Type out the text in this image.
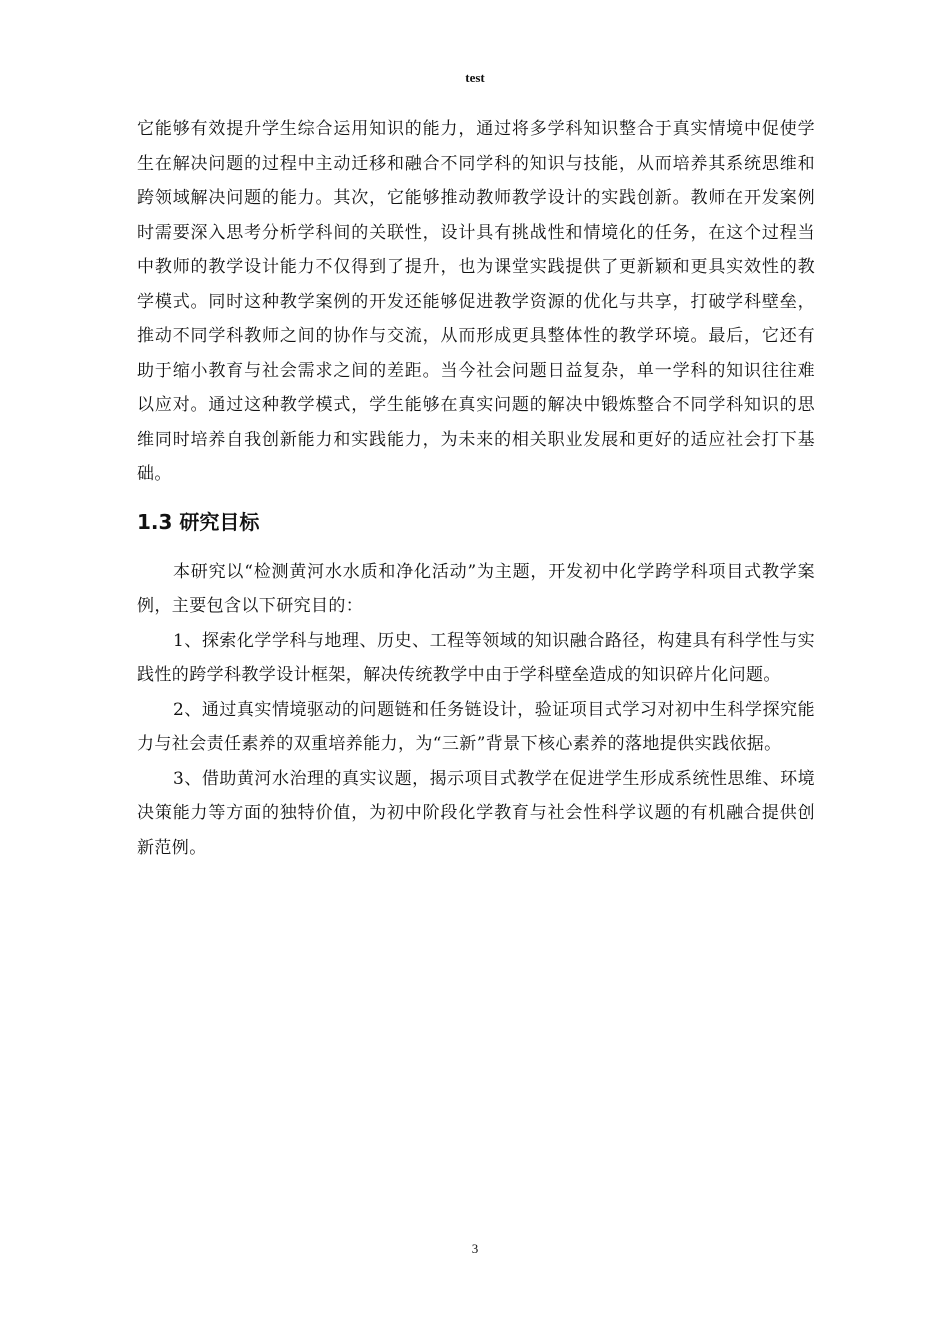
test

它能够有效提升学生综合运用知识的能力，通过将多学科知识整合于真实情境中促使学生在解决问题的过程中主动迁移和融合不同学科的知识与技能，从而培养其系统思维和跨领域解决问题的能力。其次，它能够推动教师教学设计的实践创新。教师在开发案例时需要深入思考分析学科间的关联性，设计具有挑战性和情境化的任务，在这个过程当中教师的教学设计能力不仅得到了提升，也为课堂实践提供了更新颖和更具实效性的教学模式。同时这种教学案例的开发还能够促进教学资源的优化与共享，打破学科壁垒，推动不同学科教师之间的协作与交流，从而形成更具整体性的教学环境。最后，它还有助于缩小教育与社会需求之间的差距。当今社会问题日益复杂，单一学科的知识往往难以应对。通过这种教学模式，学生能够在真实问题的解决中锻炼整合不同学科知识的思维同时培养自我创新能力和实践能力，为未来的相关职业发展和更好的适应社会打下基础。

1.3 研究目标

本研究以“检测黄河水水质和净化活动”为主题，开发初中化学跨学科项目式教学案例，主要包含以下研究目的：

1、探索化学学科与地理、历史、工程等领域的知识融合路径，构建具有科学性与实践性的跨学科教学设计框架，解决传统教学中由于学科壁垒造成的知识碎片化问题。

2、通过真实情境驱动的问题链和任务链设计，验证项目式学习对初中生科学探究能力与社会责任素养的双重培养能力，为“三新”背景下核心素养的落地提供实践依据。

3、借助黄河水治理的真实议题，揭示项目式教学在促进学生形成系统性思维、环境决策能力等方面的独特价值，为初中阶段化学教育与社会性科学议题的有机融合提供创新范例。

3
